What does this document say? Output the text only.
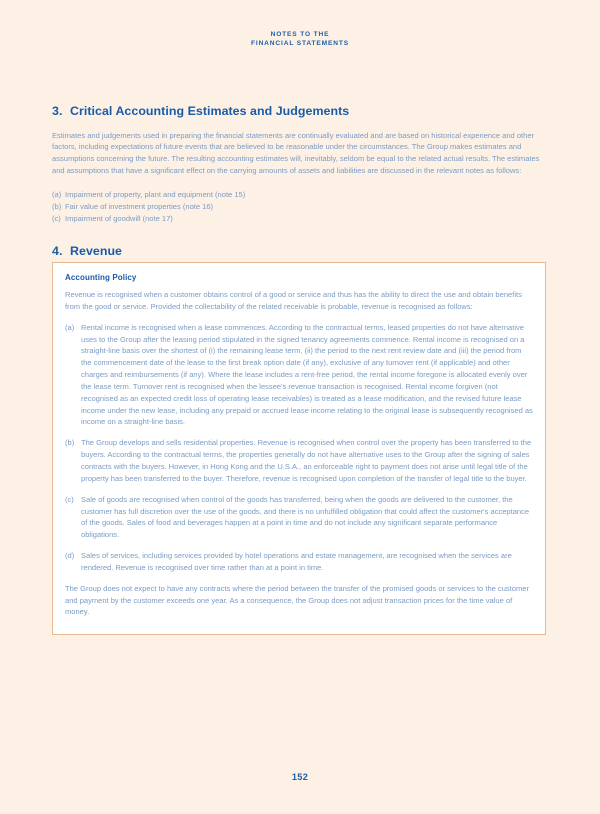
NOTES TO THE
FINANCIAL STATEMENTS
3. Critical Accounting Estimates and Judgements

Estimates and judgements used in preparing the financial statements are continually evaluated and are based on historical experience and other factors, including expectations of future events that are believed to be reasonable under the circumstances. The Group makes estimates and assumptions concerning the future. The resulting accounting estimates will, inevitably, seldom be equal to the related actual results. The estimates and assumptions that have a significant effect on the carrying amounts of assets and liabilities are discussed in the relevant notes as follows:

(a) Impairment of property, plant and equipment (note 15)
(b) Fair value of investment properties (note 16)
(c) Impairment of goodwill (note 17)
4. Revenue
Accounting Policy

Revenue is recognised when a customer obtains control of a good or service and thus has the ability to direct the use and obtain benefits from the good or service. Provided the collectability of the related receivable is probable, revenue is recognised as follows:

(a) Rental income is recognised when a lease commences. According to the contractual terms, leased properties do not have alternative uses to the Group after the leasing period stipulated in the signed tenancy agreements commence. Rental income is recognised on a straight-line basis over the shortest of (i) the remaining lease term, (ii) the period to the next rent review date and (iii) the period from the commencement date of the lease to the first break option date (if any), exclusive of any turnover rent (if applicable) and other charges and reimbursements (if any). Where the lease includes a rent-free period, the rental income foregone is allocated evenly over the lease term. Turnover rent is recognised when the lessee's revenue transaction is recognised. Rental income forgiven (not recognised as an expected credit loss of operating lease receivables) is treated as a lease modification, and the revised future lease income under the new lease, including any prepaid or accrued lease income relating to the original lease is subsequently recognised as income on a straight-line basis.
(b) The Group develops and sells residential properties. Revenue is recognised when control over the property has been transferred to the buyers. According to the contractual terms, the properties generally do not have alternative uses to the Group after the signing of sales contracts with the buyers. However, in Hong Kong and the U.S.A., an enforceable right to payment does not arise until legal title of the property has been transferred to the buyer. Therefore, revenue is recognised upon completion of the transfer of legal title to the buyer.
(c) Sale of goods are recognised when control of the goods has transferred, being when the goods are delivered to the customer, the customer has full discretion over the use of the goods, and there is no unfulfilled obligation that could affect the customer's acceptance of the goods. Sales of food and beverages happen at a point in time and do not include any significant separate performance obligations.
(d) Sales of services, including services provided by hotel operations and estate management, are recognised when the services are rendered. Revenue is recognised over time rather than at a point in time.

The Group does not expect to have any contracts where the period between the transfer of the promised goods or services to the customer and payment by the customer exceeds one year. As a consequence, the Group does not adjust transaction prices for the time value of money.

152
